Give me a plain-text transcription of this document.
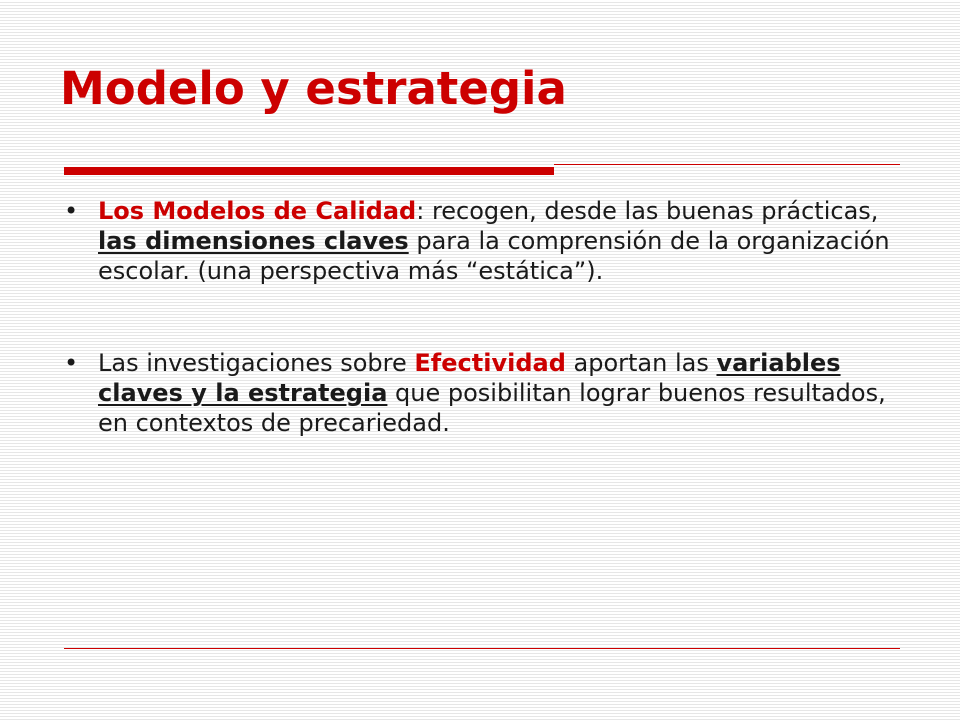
Modelo y estrategia
• Los Modelos de Calidad: recogen, desde las buenas prácticas, las dimensiones claves para la comprensión de la organización escolar. (una perspectiva más “estática”).
• Las investigaciones sobre Efectividad aportan las variables claves y la estrategia que posibilitan lograr buenos resultados, en contextos de precariedad.
